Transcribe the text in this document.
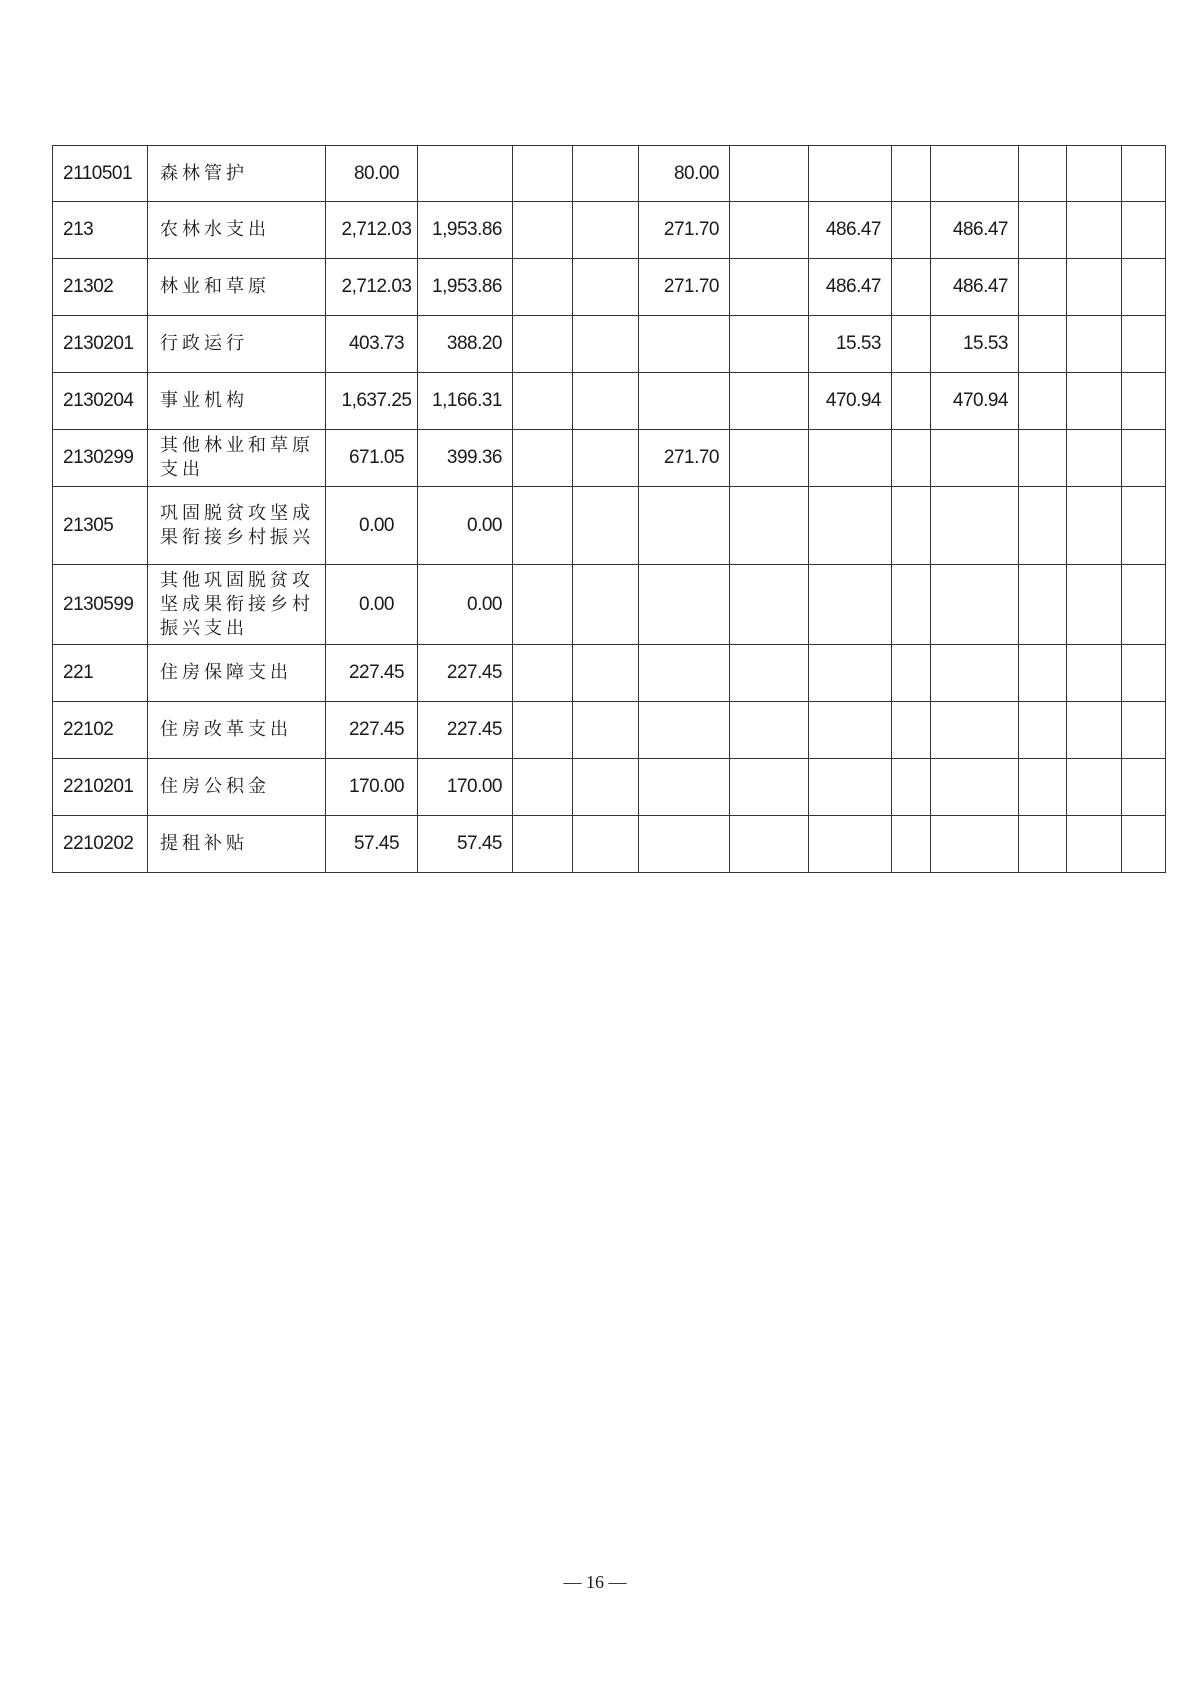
2110501	森林管护	80.00				80.00							
213	农林水支出	2,712.03	1,953.86			271.70		486.47		486.47			
21302	林业和草原	2,712.03	1,953.86			271.70		486.47		486.47			
2130201	行政运行	403.73	388.20					15.53		15.53			
2130204	事业机构	1,637.25	1,166.31					470.94		470.94			
2130299	其他林业和草原支出	671.05	399.36			271.70							
21305	巩固脱贫攻坚成果衔接乡村振兴	0.00	0.00										
2130599	其他巩固脱贫攻坚成果衔接乡村振兴支出	0.00	0.00										
221	住房保障支出	227.45	227.45										
22102	住房改革支出	227.45	227.45										
2210201	住房公积金	170.00	170.00										
2210202	提租补贴	57.45	57.45										
— 16 —
